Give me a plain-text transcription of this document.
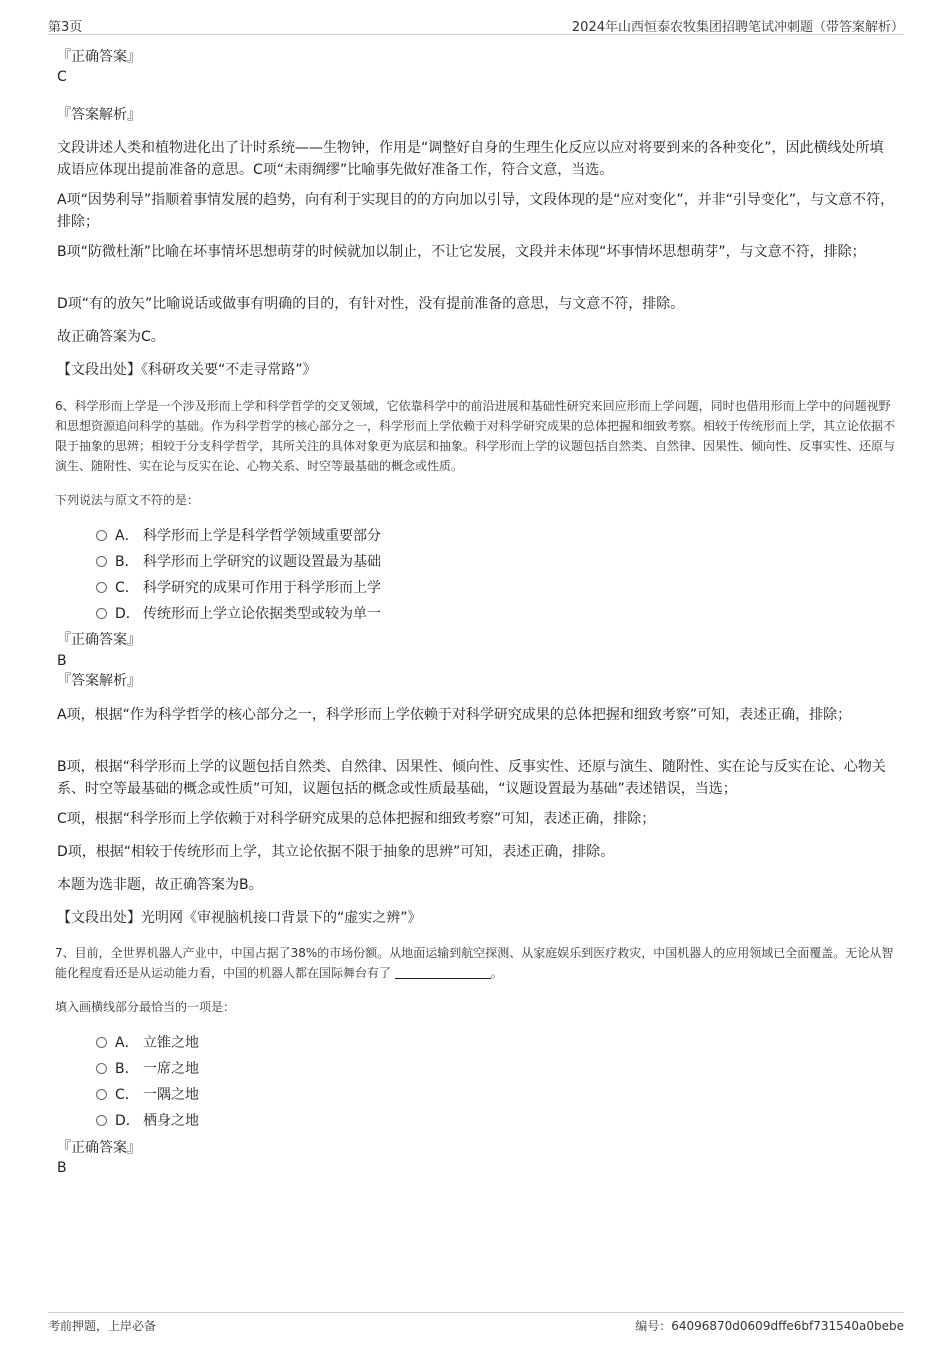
第3页	2024年山西恒泰农牧集团招聘笔试冲刺题（带答案解析）

『正确答案』

C

『答案解析』

文段讲述人类和植物进化出了计时系统——生物钟，作用是“调整好自身的生理生化反应以应对将要到来的各种变化”，因此横线处所填成语应体现出提前准备的意思。C项“未雨绸缪”比喻事先做好准备工作，符合文意，当选。

A项“因势利导”指顺着事情发展的趋势，向有利于实现目的的方向加以引导，文段体现的是“应对变化”，并非“引导变化”，与文意不符，排除；

B项“防微杜渐”比喻在坏事情坏思想萌芽的时候就加以制止，不让它发展，文段并未体现“坏事情坏思想萌芽”，与文意不符，排除；

D项“有的放矢”比喻说话或做事有明确的目的，有针对性，没有提前准备的意思，与文意不符，排除。

故正确答案为C。

【文段出处】《科研攻关要“不走寻常路”》

6、科学形而上学是一个涉及形而上学和科学哲学的交叉领域，它依靠科学中的前沿进展和基础性研究来回应形而上学问题，同时也借用形而上学中的问题视野和思想资源追问科学的基础。作为科学哲学的核心部分之一，科学形而上学依赖于对科学研究成果的总体把握和细致考察。相较于传统形而上学，其立论依据不限于抽象的思辨；相较于分支科学哲学，其所关注的具体对象更为底层和抽象。科学形而上学的议题包括自然类、自然律、因果性、倾向性、反事实性、还原与演生、随附性、实在论与反实在论、心物关系、时空等最基础的概念或性质。

下列说法与原文不符的是：

A． 科学形而上学是科学哲学领域重要部分
B． 科学形而上学研究的议题设置最为基础
C． 科学研究的成果可作用于科学形而上学
D． 传统形而上学立论依据类型或较为单一

『正确答案』

B

『答案解析』

A项，根据“作为科学哲学的核心部分之一，科学形而上学依赖于对科学研究成果的总体把握和细致考察”可知，表述正确，排除；

B项，根据“科学形而上学的议题包括自然类、自然律、因果性、倾向性、反事实性、还原与演生、随附性、实在论与反实在论、心物关系、时空等最基础的概念或性质”可知，议题包括的概念或性质最基础，“议题设置最为基础”表述错误，当选；

C项，根据“科学形而上学依赖于对科学研究成果的总体把握和细致考察”可知，表述正确，排除；

D项，根据“相较于传统形而上学，其立论依据不限于抽象的思辨”可知，表述正确，排除。

本题为选非题，故正确答案为B。

【文段出处】光明网《审视脑机接口背景下的“虚实之辨”》

7、目前，全世界机器人产业中，中国占据了38%的市场份额。从地面运输到航空探测、从家庭娱乐到医疗救灾，中国机器人的应用领域已全面覆盖。无论从智能化程度看还是从运动能力看，中国的机器人都在国际舞台有了	。

填入画横线部分最恰当的一项是：

A． 立锥之地
B． 一席之地
C． 一隅之地
D． 栖身之地

『正确答案』

B

考前押题，上岸必备	编号：64096870d0609dffe6bf731540a0bebe
